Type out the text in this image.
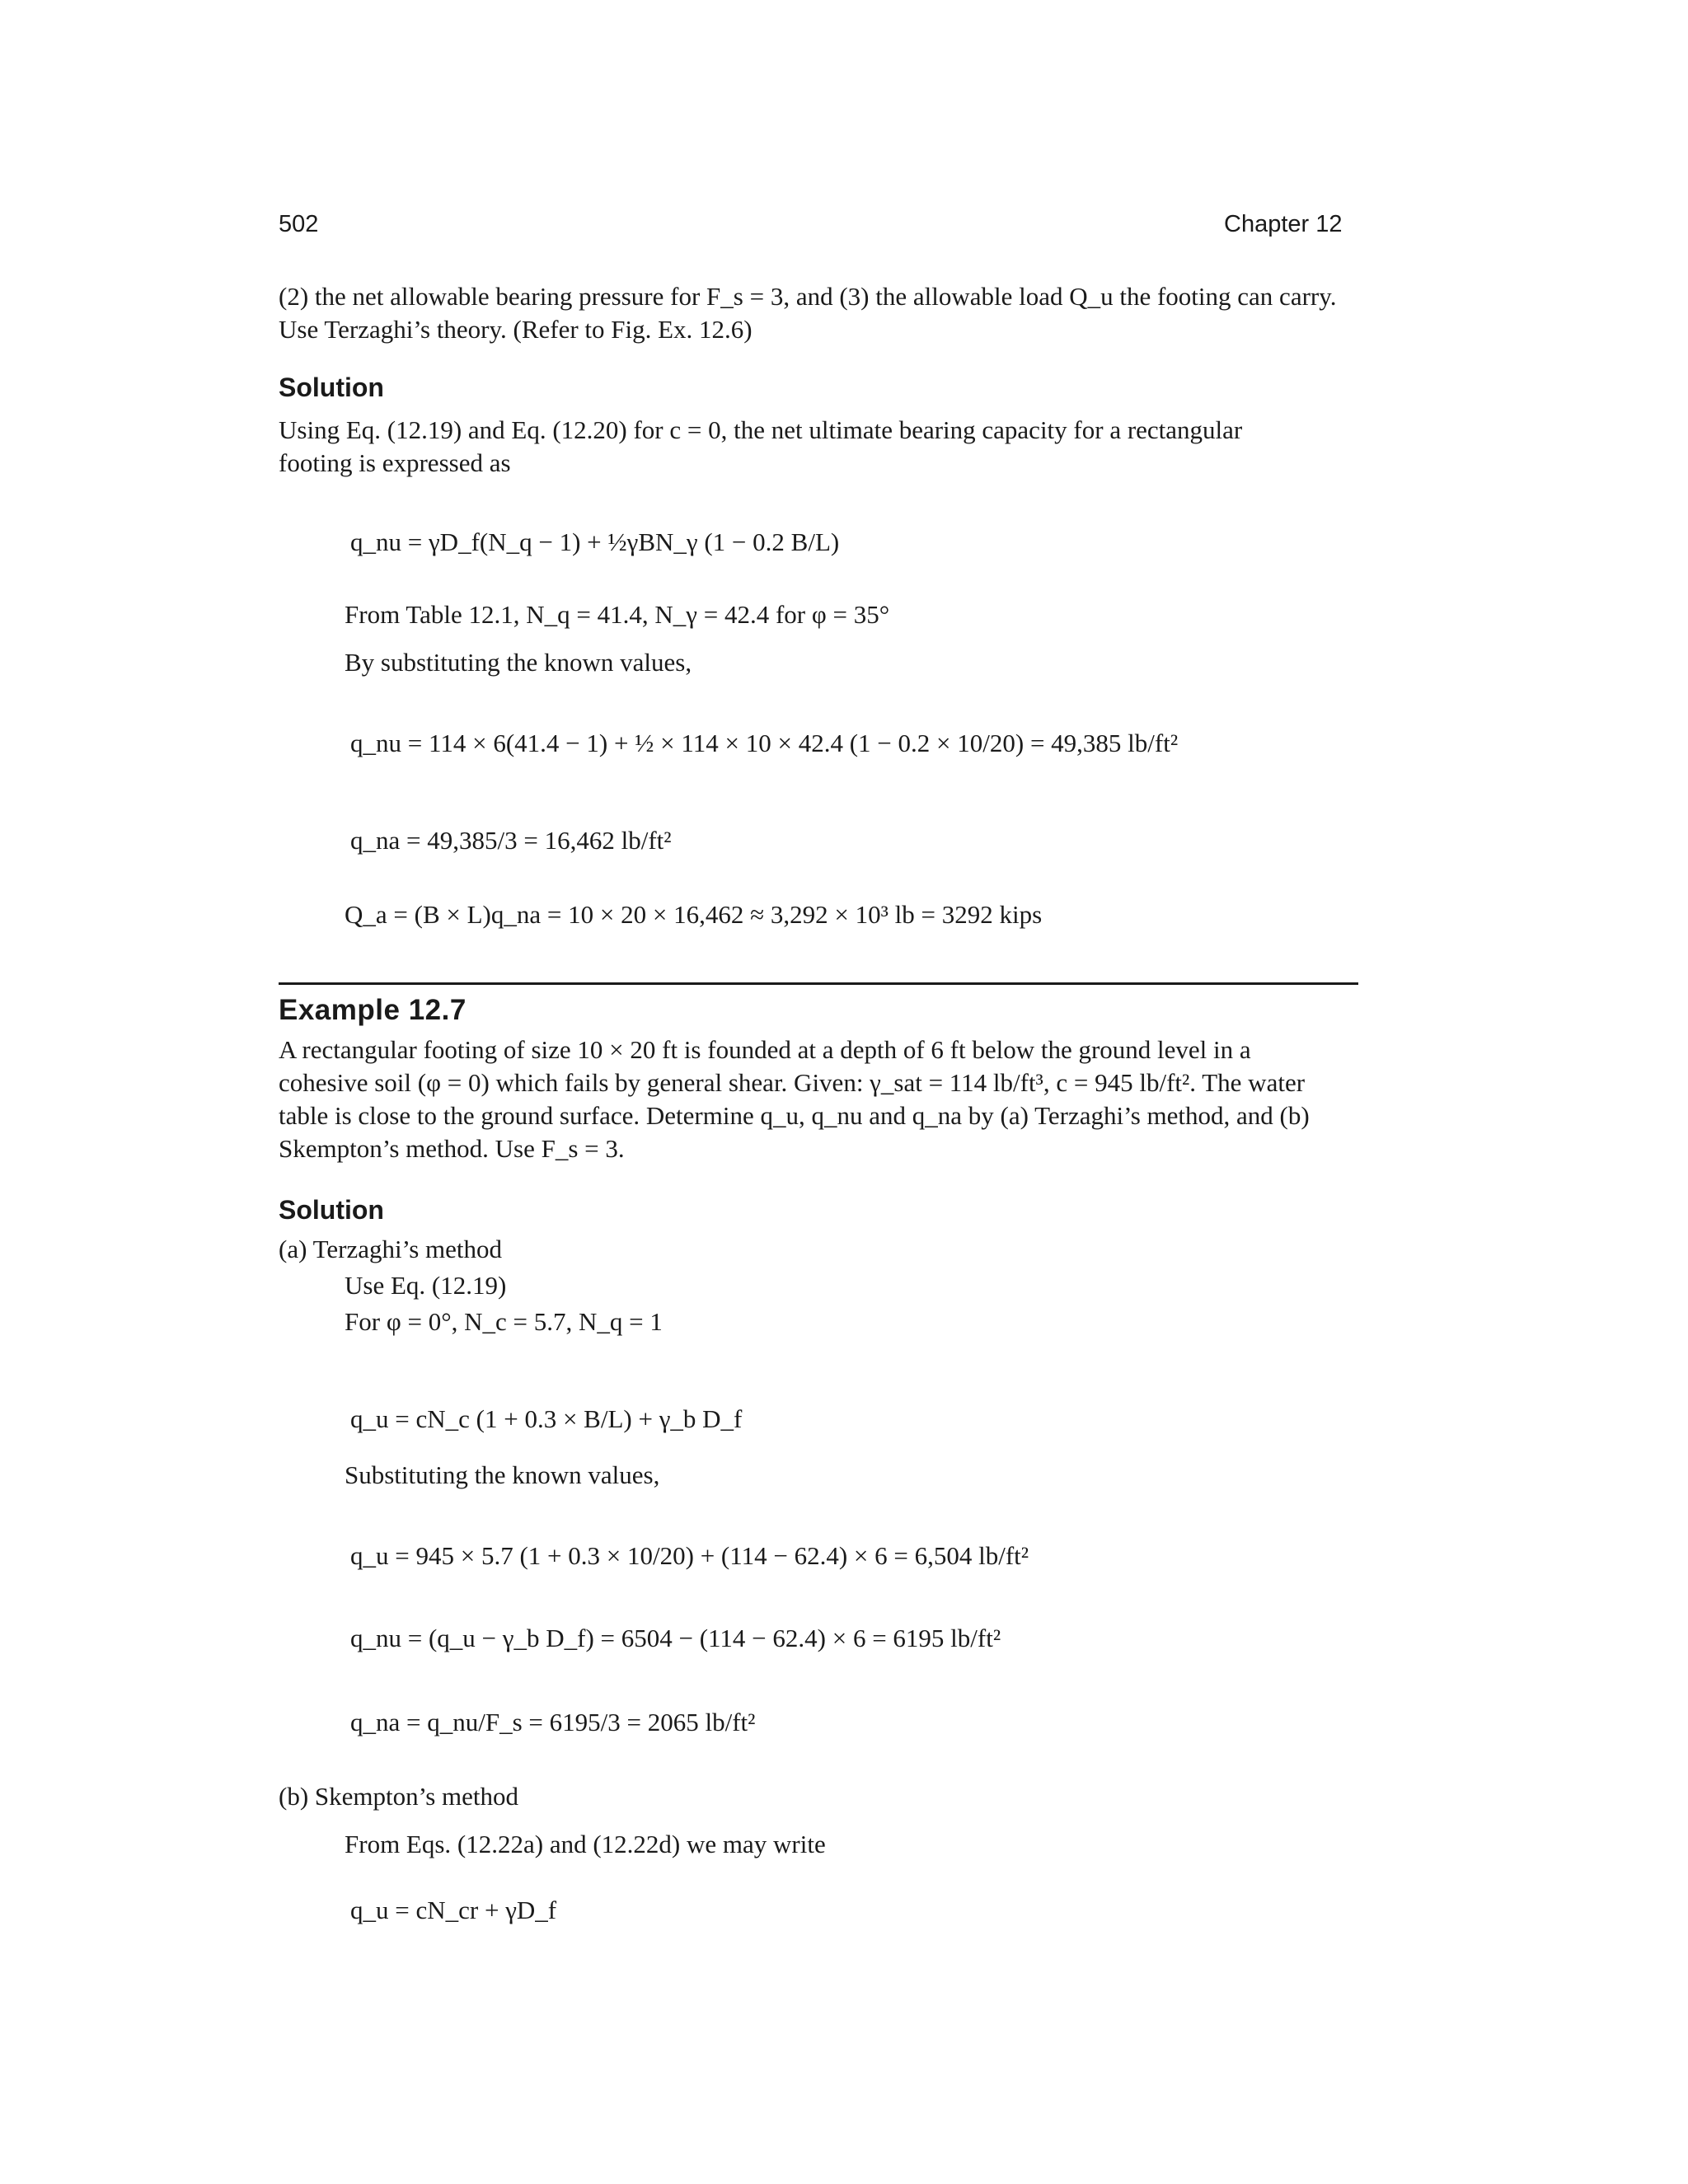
502	Chapter 12
(2) the net allowable bearing pressure for F_s = 3, and (3) the allowable load Q_u the footing can carry.
Use Terzaghi’s theory. (Refer to Fig. Ex. 12.6)
Solution
Using Eq. (12.19) and Eq. (12.20) for c = 0, the net ultimate bearing capacity for a rectangular
footing is expressed as
q_nu = γD_f(N_q − 1) + ½γBN_γ (1 − 0.2 B/L)
From Table 12.1, N_q = 41.4, N_γ = 42.4 for φ = 35°
By substituting the known values,
q_nu = 114 × 6(41.4 − 1) + ½ × 114 × 10 × 42.4 (1 − 0.2 × 10/20) = 49,385 lb/ft²
q_na = 49,385/3 = 16,462 lb/ft²
Q_a = (B × L)q_na = 10 × 20 × 16,462 ≈ 3,292 × 10³ lb = 3292 kips
Example 12.7
A rectangular footing of size 10 × 20 ft is founded at a depth of 6 ft below the ground level in a
cohesive soil (φ = 0) which fails by general shear. Given: γ_sat = 114 lb/ft³, c = 945 lb/ft². The water
table is close to the ground surface. Determine q_u, q_nu and q_na by (a) Terzaghi’s method, and (b)
Skempton’s method. Use F_s = 3.
Solution
(a) Terzaghi’s method
Use Eq. (12.19)
For φ = 0°, N_c = 5.7, N_q = 1
q_u = cN_c (1 + 0.3 × B/L) + γ_b D_f
Substituting the known values,
q_u = 945 × 5.7 (1 + 0.3 × 10/20) + (114 − 62.4) × 6 = 6,504 lb/ft²
q_nu = (q_u − γ_b D_f) = 6504 − (114 − 62.4) × 6 = 6195 lb/ft²
q_na = q_nu/F_s = 6195/3 = 2065 lb/ft²
(b) Skempton’s method
From Eqs. (12.22a) and (12.22d) we may write
q_u = cN_cr + γD_f
